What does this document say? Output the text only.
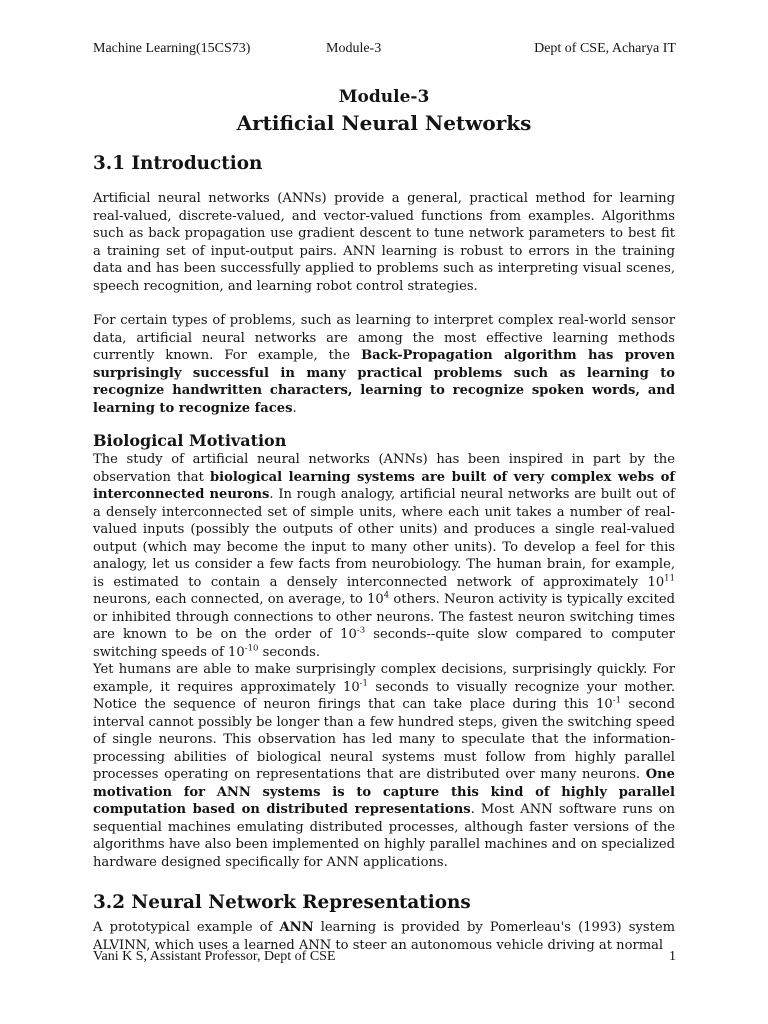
Machine Learning(15CS73)	Module-3	Dept of CSE, Acharya IT

Module-3

Artificial Neural Networks

3.1 Introduction

Artificial neural networks (ANNs) provide a general, practical method for learning real-valued, discrete-valued, and vector-valued functions from examples. Algorithms such as back propagation use gradient descent to tune network parameters to best fit a training set of input-output pairs. ANN learning is robust to errors in the training data and has been successfully applied to problems such as interpreting visual scenes, speech recognition, and learning robot control strategies.

For certain types of problems, such as learning to interpret complex real-world sensor data, artificial neural networks are among the most effective learning methods currently known. For example, the Back-Propagation algorithm has proven surprisingly successful in many practical problems such as learning to recognize handwritten characters, learning to recognize spoken words, and learning to recognize faces.

Biological Motivation

The study of artificial neural networks (ANNs) has been inspired in part by the observation that biological learning systems are built of very complex webs of interconnected neurons. In rough analogy, artificial neural networks are built out of a densely interconnected set of simple units, where each unit takes a number of real-valued inputs (possibly the outputs of other units) and produces a single real-valued output (which may become the input to many other units). To develop a feel for this analogy, let us consider a few facts from neurobiology. The human brain, for example, is estimated to contain a densely interconnected network of approximately $10^{11}$ neurons, each connected, on average, to $10^4$ others. Neuron activity is typically excited or inhibited through connections to other neurons. The fastest neuron switching times are known to be on the order of $10^{-3}$ seconds--quite slow compared to computer switching speeds of $10^{-10}$ seconds.

Yet humans are able to make surprisingly complex decisions, surprisingly quickly. For example, it requires approximately $10^{-1}$ seconds to visually recognize your mother. Notice the sequence of neuron firings that can take place during this $10^{-1}$ second interval cannot possibly be longer than a few hundred steps, given the switching speed of single neurons. This observation has led many to speculate that the information-processing abilities of biological neural systems must follow from highly parallel processes operating on representations that are distributed over many neurons. One motivation for ANN systems is to capture this kind of highly parallel computation based on distributed representations. Most ANN software runs on sequential machines emulating distributed processes, although faster versions of the algorithms have also been implemented on highly parallel machines and on specialized hardware designed specifically for ANN applications.

3.2 Neural Network Representations

A prototypical example of ANN learning is provided by Pomerleau's (1993) system ALVINN, which uses a learned ANN to steer an autonomous vehicle driving at normal

Vani K S, Assistant Professor, Dept of CSE	1
